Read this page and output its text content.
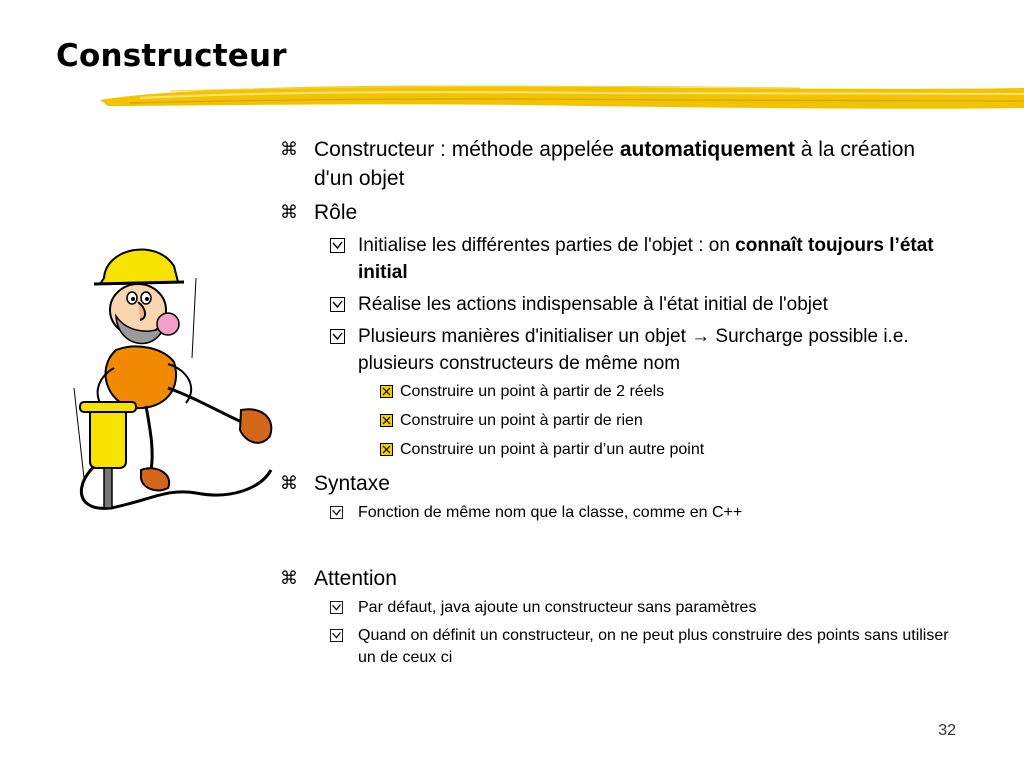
Constructeur
⌘ Constructeur : méthode appelée automatiquement à la création d'un objet
⌘ Rôle
Initialise les différentes parties de l'objet : on connaît toujours l’état initial
Réalise les actions indispensable à l'état initial de l'objet
Plusieurs manières d'initialiser un objet → Surcharge possible i.e. plusieurs constructeurs de même nom
Construire un point à partir de 2 réels
Construire un point à partir de rien
Construire un point à partir d’un autre point
⌘ Syntaxe
Fonction de même nom que la classe, comme en C++
⌘ Attention
Par défaut, java ajoute un constructeur sans paramètres
Quand on définit un constructeur, on ne peut plus construire des points sans utiliser un de ceux ci
32
